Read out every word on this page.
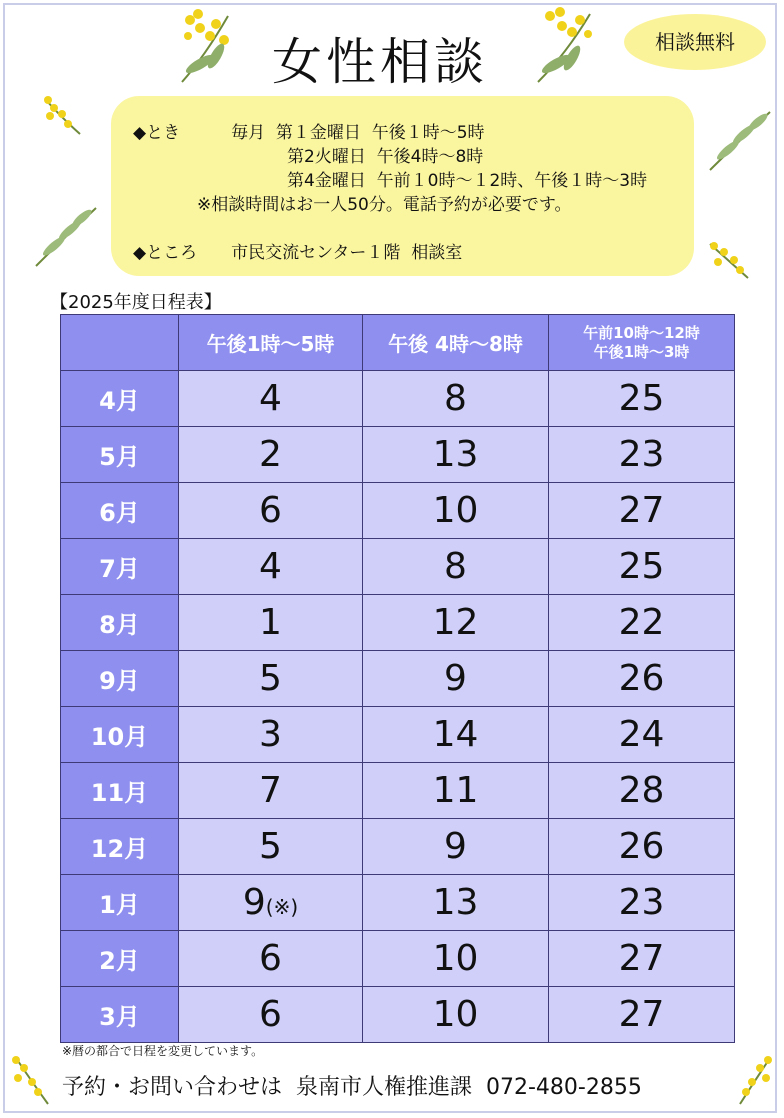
女性相談	相談無料
◆とき　　　毎月  第１金曜日  午後１時～5時
第2火曜日  午後4時～8時
第4金曜日  午前１0時～１2時、午後１時～3時
※相談時間はお一人50分。電話予約が必要です。
◆ところ　　市民交流センター１階  相談室
【2025年度日程表】
	午後1時～5時	午後 4時～8時	午前10時～12時
午後1時～3時
4月	4	8	25
5月	2	13	23
6月	6	10	27
7月	4	8	25
8月	1	12	22
9月	5	9	26
10月	3	14	24
11月	7	11	28
12月	5	9	26
1月	9(※)	13	23
2月	6	10	27
3月	6	10	27
※暦の都合で日程を変更しています。
予約・お問い合わせは  泉南市人権推進課  072-480-2855
